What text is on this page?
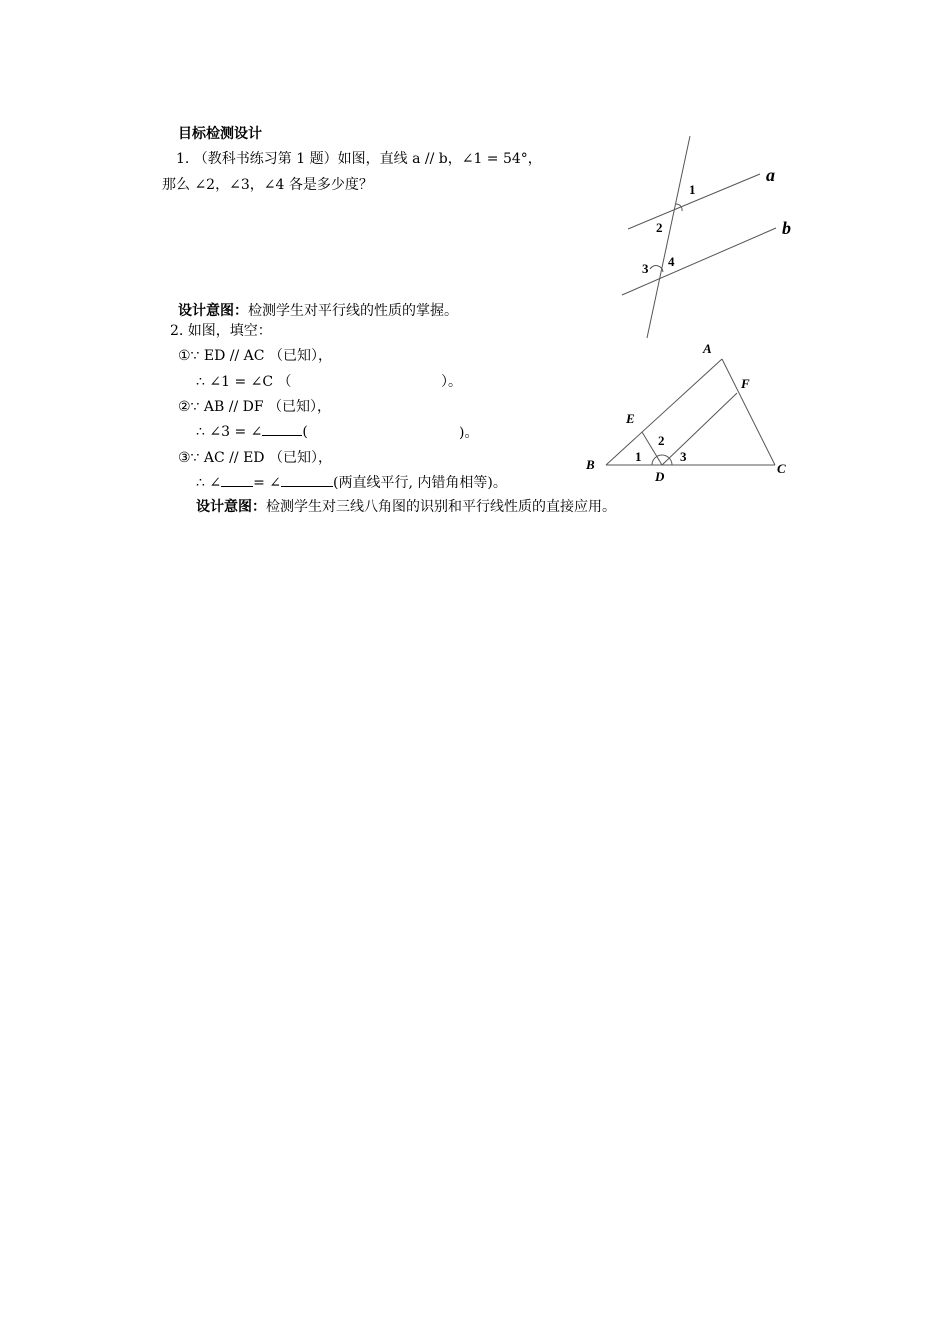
目标检测设计
1. （教科书练习第 1 题）如图，直线 a // b，∠1 = 54°，
那么 ∠2，∠3，∠4 各是多少度？
设计意图：检测学生对平行线的性质的掌握。
1
2
3 4
a
b
2. 如图，填空：
①∵ ED // AC （已知），
∴ ∠1 = ∠C （	）。
②∵ AB // DF （已知），
∴ ∠3 = ∠	(	)。
③∵ AC // ED （已知），
∴ ∠ = ∠	(两直线平行, 内错角相等)。
设计意图：检测学生对三线八角图的识别和平行线性质的直接应用。
A
B	C
D
E
F
1
2
3
